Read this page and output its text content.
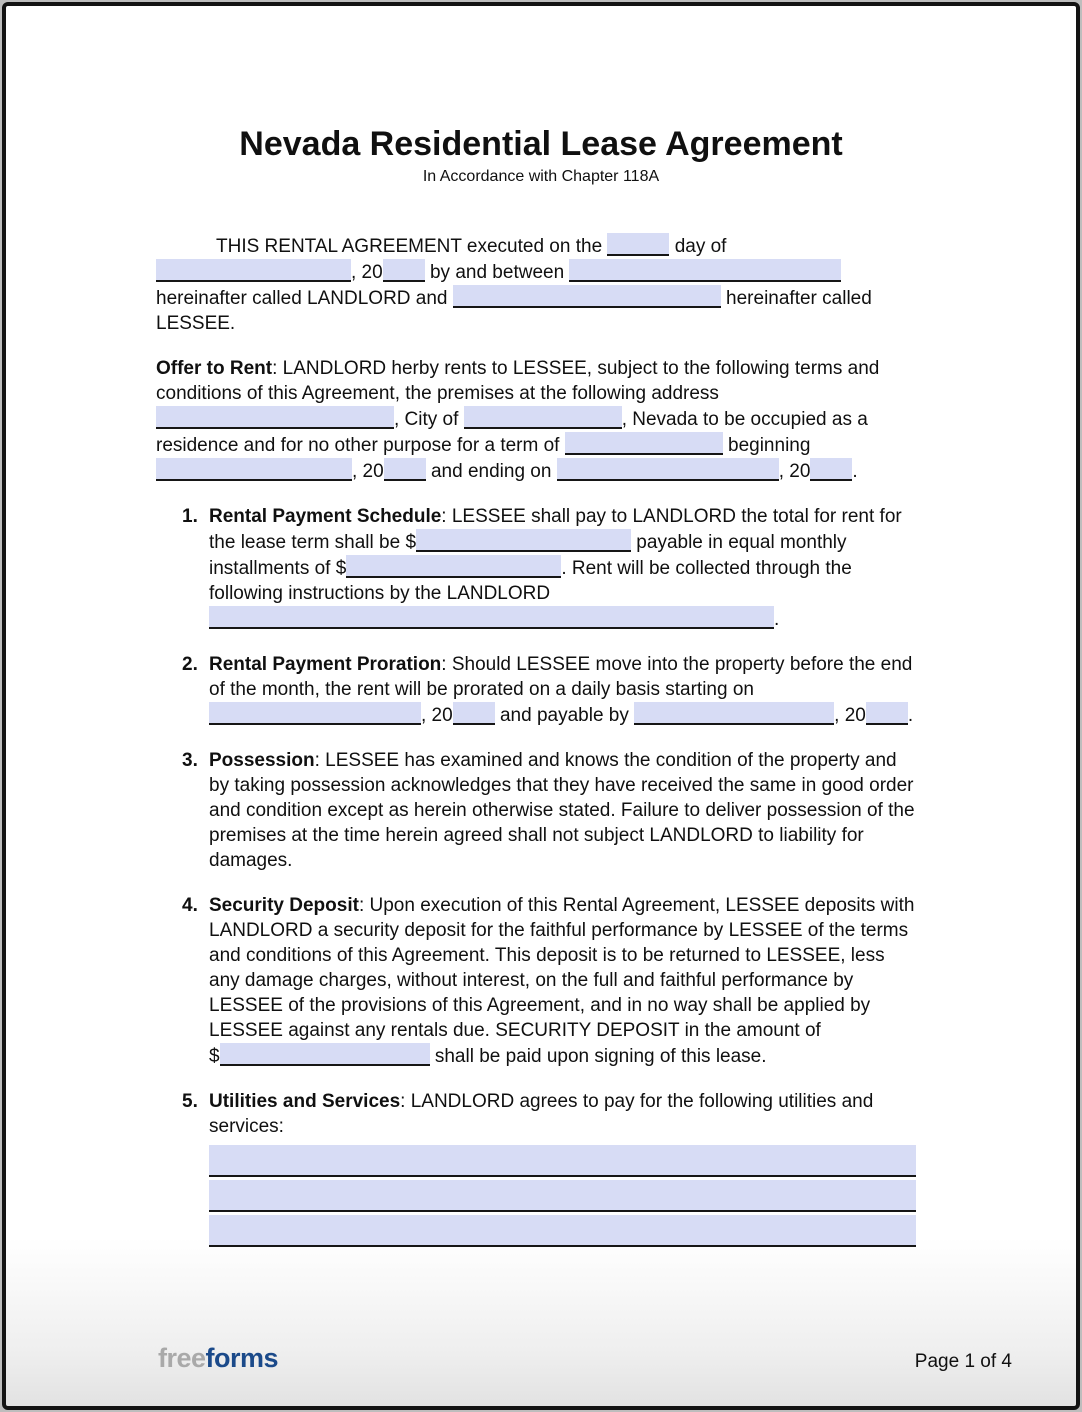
Nevada Residential Lease Agreement
In Accordance with Chapter 118A

THIS RENTAL AGREEMENT executed on the	day of , 20 by and between  hereinafter called LANDLORD and	hereinafter called LESSEE.

Offer to Rent: LANDLORD herby rents to LESSEE, subject to the following terms and conditions of this Agreement, the premises at the following address , City of	, Nevada to be occupied as a residence and for no other purpose for a term of	beginning , 20 and ending on	, 20 .

1. Rental Payment Schedule: LESSEE shall pay to LANDLORD the total for rent for the lease term shall be $	payable in equal monthly installments of $	. Rent will be collected through the following instructions by the LANDLORD .
2. Rental Payment Proration: Should LESSEE move into the property before the end of the month, the rent will be prorated on a daily basis starting on , 20 and payable by	, 20 .
3. Possession: LESSEE has examined and knows the condition of the property and by taking possession acknowledges that they have received the same in good order and condition except as herein otherwise stated. Failure to deliver possession of the premises at the time herein agreed shall not subject LANDLORD to liability for damages.
4. Security Deposit: Upon execution of this Rental Agreement, LESSEE deposits with LANDLORD a security deposit for the faithful performance by LESSEE of the terms and conditions of this Agreement. This deposit is to be returned to LESSEE, less any damage charges, without interest, on the full and faithful performance by LESSEE of the provisions of this Agreement, and in no way shall be applied by LESSEE against any rentals due. SECURITY DEPOSIT in the amount of $	shall be paid upon signing of this lease.
5. Utilities and Services: LANDLORD agrees to pay for the following utilities and services:
freeforms	Page 1 of 4
